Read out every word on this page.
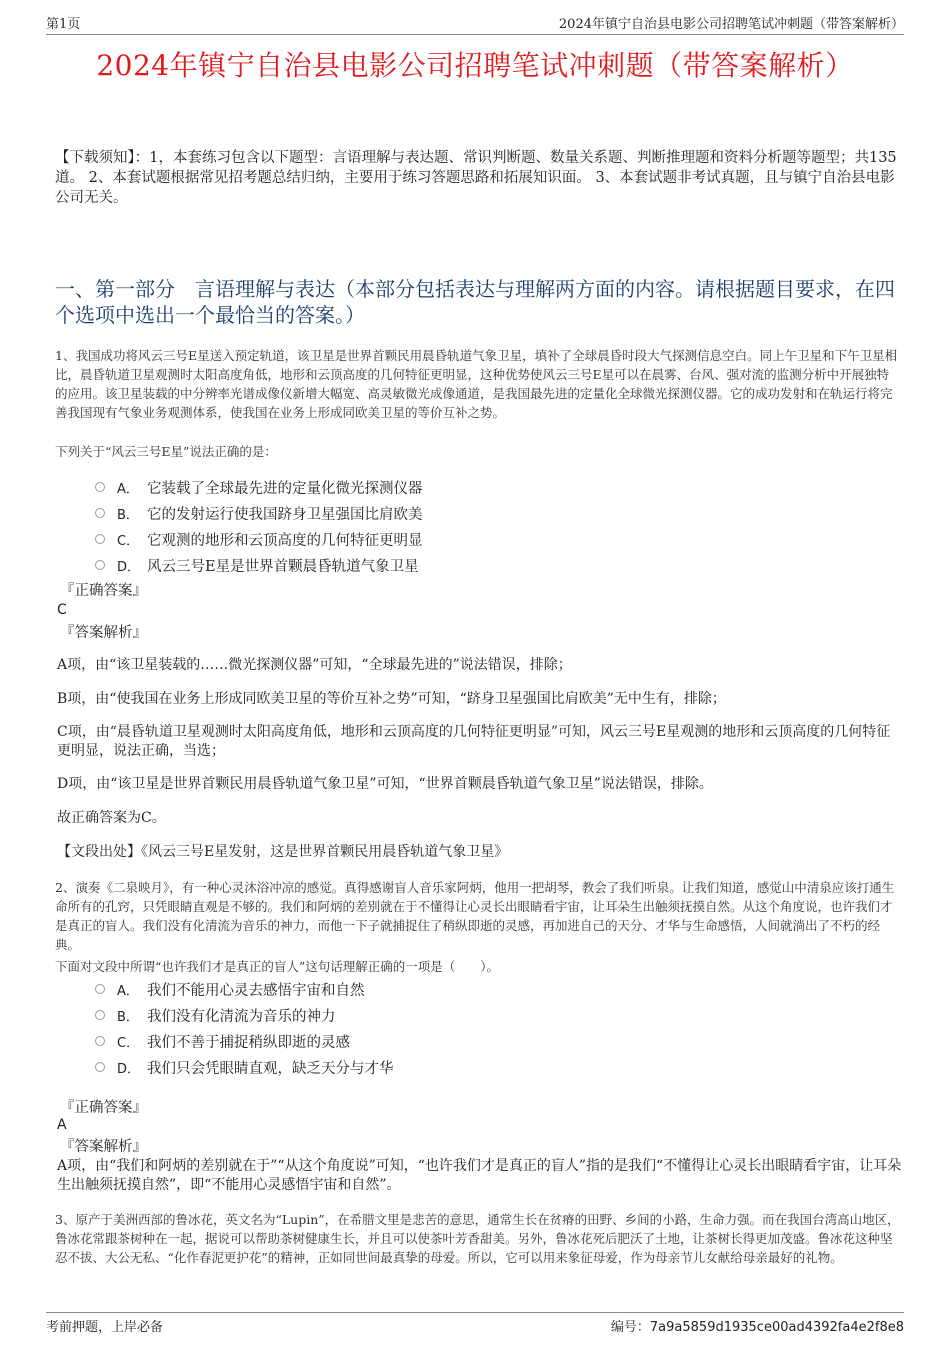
第1页	2024年镇宁自治县电影公司招聘笔试冲刺题（带答案解析）
2024年镇宁自治县电影公司招聘笔试冲刺题（带答案解析）
【下载须知】：1，本套练习包含以下题型：言语理解与表达题、常识判断题、数量关系题、判断推理题和资料分析题等题型；共135道。 2、本套试题根据常见招考题总结归纳，主要用于练习答题思路和拓展知识面。 3、本套试题非考试真题，且与镇宁自治县电影公司无关。
一、第一部分　言语理解与表达（本部分包括表达与理解两方面的内容。请根据题目要求，在四个选项中选出一个最恰当的答案。）
1、我国成功将风云三号E星送入预定轨道，该卫星是世界首颗民用晨昏轨道气象卫星，填补了全球晨昏时段大气探测信息空白。同上午卫星和下午卫星相比，晨昏轨道卫星观测时太阳高度角低，地形和云顶高度的几何特征更明显，这种优势使风云三号E星可以在晨雾、台风、强对流的监测分析中开展独特的应用。该卫星装载的中分辨率光谱成像仪新增大幅宽、高灵敏微光成像通道，是我国最先进的定量化全球微光探测仪器。它的成功发射和在轨运行将完善我国现有气象业务观测体系，使我国在业务上形成同欧美卫星的等价互补之势。
下列关于“风云三号E星”说法正确的是：
A． 它装载了全球最先进的定量化微光探测仪器
B． 它的发射运行使我国跻身卫星强国比肩欧美
C． 它观测的地形和云顶高度的几何特征更明显
D． 风云三号E星是世界首颗晨昏轨道气象卫星
『正确答案』
C
『答案解析』
A项，由“该卫星装载的……微光探测仪器”可知，“全球最先进的”说法错误，排除；
B项，由“使我国在业务上形成同欧美卫星的等价互补之势”可知，“跻身卫星强国比肩欧美”无中生有，排除；
C项，由“晨昏轨道卫星观测时太阳高度角低，地形和云顶高度的几何特征更明显”可知，风云三号E星观测的地形和云顶高度的几何特征更明显，说法正确，当选；
D项，由“该卫星是世界首颗民用晨昏轨道气象卫星”可知，“世界首颗晨昏轨道气象卫星”说法错误，排除。
故正确答案为C。
【文段出处】《风云三号E星发射，这是世界首颗民用晨昏轨道气象卫星》
2、演奏《二泉映月》，有一种心灵沐浴冲凉的感觉。真得感谢盲人音乐家阿炳，他用一把胡琴，教会了我们听泉。让我们知道，感觉山中清泉应该打通生命所有的孔窍，只凭眼睛直观是不够的。我们和阿炳的差别就在于不懂得让心灵长出眼睛看宇宙，让耳朵生出触须抚摸自然。从这个角度说，也许我们才是真正的盲人。我们没有化清流为音乐的神力，而他一下子就捕捉住了稍纵即逝的灵感，再加进自己的天分、才华与生命感悟，人间就淌出了不朽的经典。
下面对文段中所谓“也许我们才是真正的盲人”这句话理解正确的一项是（　　）。
A． 我们不能用心灵去感悟宇宙和自然
B． 我们没有化清流为音乐的神力
C． 我们不善于捕捉稍纵即逝的灵感
D． 我们只会凭眼睛直观，缺乏天分与才华
『正确答案』
A
『答案解析』
A项，由“我们和阿炳的差别就在于”“从这个角度说”可知，“也许我们才是真正的盲人”指的是我们“不懂得让心灵长出眼睛看宇宙，让耳朵生出触须抚摸自然”，即“不能用心灵感悟宇宙和自然”。
3、原产于美洲西部的鲁冰花，英文名为“Lupin”，在希腊文里是悲苦的意思，通常生长在贫瘠的田野、乡间的小路，生命力强。而在我国台湾高山地区，鲁冰花常跟茶树种在一起，据说可以帮助茶树健康生长，并且可以使茶叶芳香甜美。另外，鲁冰花死后肥沃了土地，让茶树长得更加茂盛。鲁冰花这种坚忍不拔、大公无私、“化作春泥更护花”的精神，正如同世间最真挚的母爱。所以，它可以用来象征母爱，作为母亲节儿女献给母亲最好的礼物。
考前押题，上岸必备	编号：7a9a5859d1935ce00ad4392fa4e2f8e8
